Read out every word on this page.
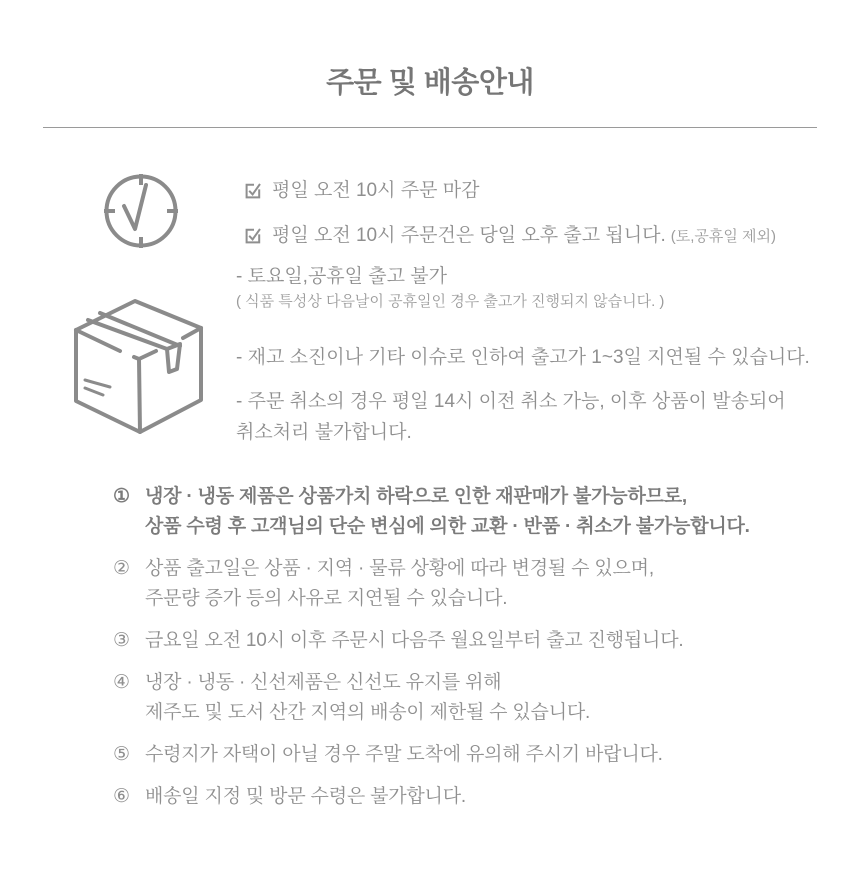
주문 및 배송안내
평일 오전 10시 주문 마감
평일 오전 10시 주문건은 당일 오후 출고 됩니다. (토,공휴일 제외)
- 토요일,공휴일 출고 불가
( 식품 특성상 다음날이 공휴일인 경우 출고가 진행되지 않습니다. )
- 재고 소진이나 기타 이슈로 인하여 출고가 1~3일 지연될 수 있습니다.
- 주문 취소의 경우 평일 14시 이전 취소 가능, 이후 상품이 발송되어
취소처리 불가합니다.
① 냉장 · 냉동 제품은 상품가치 하락으로 인한 재판매가 불가능하므로,
상품 수령 후 고객님의 단순 변심에 의한 교환 · 반품 · 취소가 불가능합니다.
② 상품 출고일은 상품 · 지역 · 물류 상황에 따라 변경될 수 있으며,
주문량 증가 등의 사유로 지연될 수 있습니다.
③ 금요일 오전 10시 이후 주문시 다음주 월요일부터 출고 진행됩니다.
④ 냉장 · 냉동 · 신선제품은 신선도 유지를 위해
제주도 및 도서 산간 지역의 배송이 제한될 수 있습니다.
⑤ 수령지가 자택이 아닐 경우 주말 도착에 유의해 주시기 바랍니다.
⑥ 배송일 지정 및 방문 수령은 불가합니다.
